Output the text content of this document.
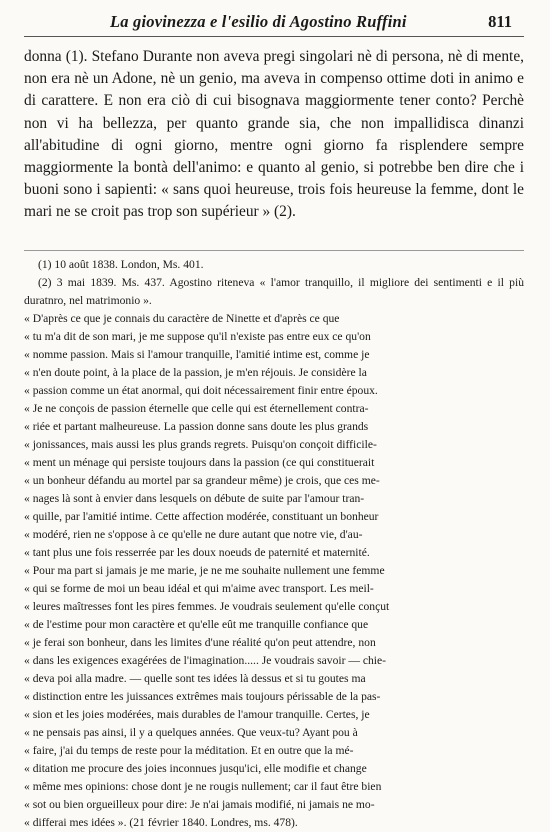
La giovinezza e l'esilio di Agostino Ruffini	811

donna (1). Stefano Durante non aveva pregi singolari nè di persona, nè di mente, non era nè un Adone, nè un genio, ma aveva in compenso ottime doti in animo e di carattere. E non era ciò di cui bisognava maggiormente tener conto? Perchè non vi ha bellezza, per quanto grande sia, che non impallidisca dinanzi all'abitudine di ogni giorno, mentre ogni giorno fa risplendere sempre maggiormente la bontà dell'animo: e quanto al genio, si potrebbe ben dire che i buoni sono i sapienti: « sans quoi heureuse, trois fois heureuse la femme, dont le mari ne se croit pas trop son supérieur » (2).

(1) 10 août 1838. London, Ms. 401.

(2) 3 mai 1839. Ms. 437. Agostino riteneva « l'amor tranquillo, il migliore dei sentimenti e il più duratnro, nel matrimonio ».

« D'après ce que je connais du caractère de Ninette et d'après ce que
« tu m'a dit de son mari, je me suppose qu'il n'existe pas entre eux ce qu'on
« nomme passion. Mais si l'amour tranquille, l'amitié intime est, comme je
« n'en doute point, à la place de la passion, je m'en réjouis. Je considère la
« passion comme un état anormal, qui doit nécessairement finir entre époux.
« Je ne conçois de passion éternelle que celle qui est éternellement contra-
« riée et partant malheureuse. La passion donne sans doute les plus grands
« jonissances, mais aussi les plus grands regrets. Puisqu'on conçoit difficile-
« ment un ménage qui persiste toujours dans la passion (ce qui constituerait
« un bonheur défandu au mortel par sa grandeur même) je crois, que ces me-
« nages là sont à envier dans lesquels on débute de suite par l'amour tran-
« quille, par l'amitié intime. Cette affection modérée, constituant un bonheur
« modéré, rien ne s'oppose à ce qu'elle ne dure autant que notre vie, d'au-
« tant plus une fois resserrée par les doux noeuds de paternité et maternité.
« Pour ma part si jamais je me marie, je ne me souhaite nullement une femme
« qui se forme de moi un beau idéal et qui m'aime avec transport. Les meil-
« leures maîtresses font les pires femmes. Je voudrais seulement qu'elle conçut
« de l'estime pour mon caractère et qu'elle eût me tranquille confiance que
« je ferai son bonheur, dans les limites d'une réalité qu'on peut attendre, non
« dans les exigences exagérées de l'imagination..... Je voudrais savoir — chie-
« deva poi alla madre. — quelle sont tes idées là dessus et si tu goutes ma
« distinction entre les juissances extrêmes mais toujours périssable de la pas-
« sion et les joies modérées, mais durables de l'amour tranquille. Certes, je
« ne pensais pas ainsi, il y a quelques années. Que veux-tu? Ayant pou à
« faire, j'ai du temps de reste pour la méditation. Et en outre que la mé-
« ditation me procure des joies inconnues jusqu'ici, elle modifie et change
« même mes opinions: chose dont je ne rougis nullement; car il faut être bien
« sot ou bien orgueilleux pour dire: Je n'ai jamais modifié, ni jamais ne mo-
« differai mes idées ». (21 février 1840. Londres, ms. 478).
